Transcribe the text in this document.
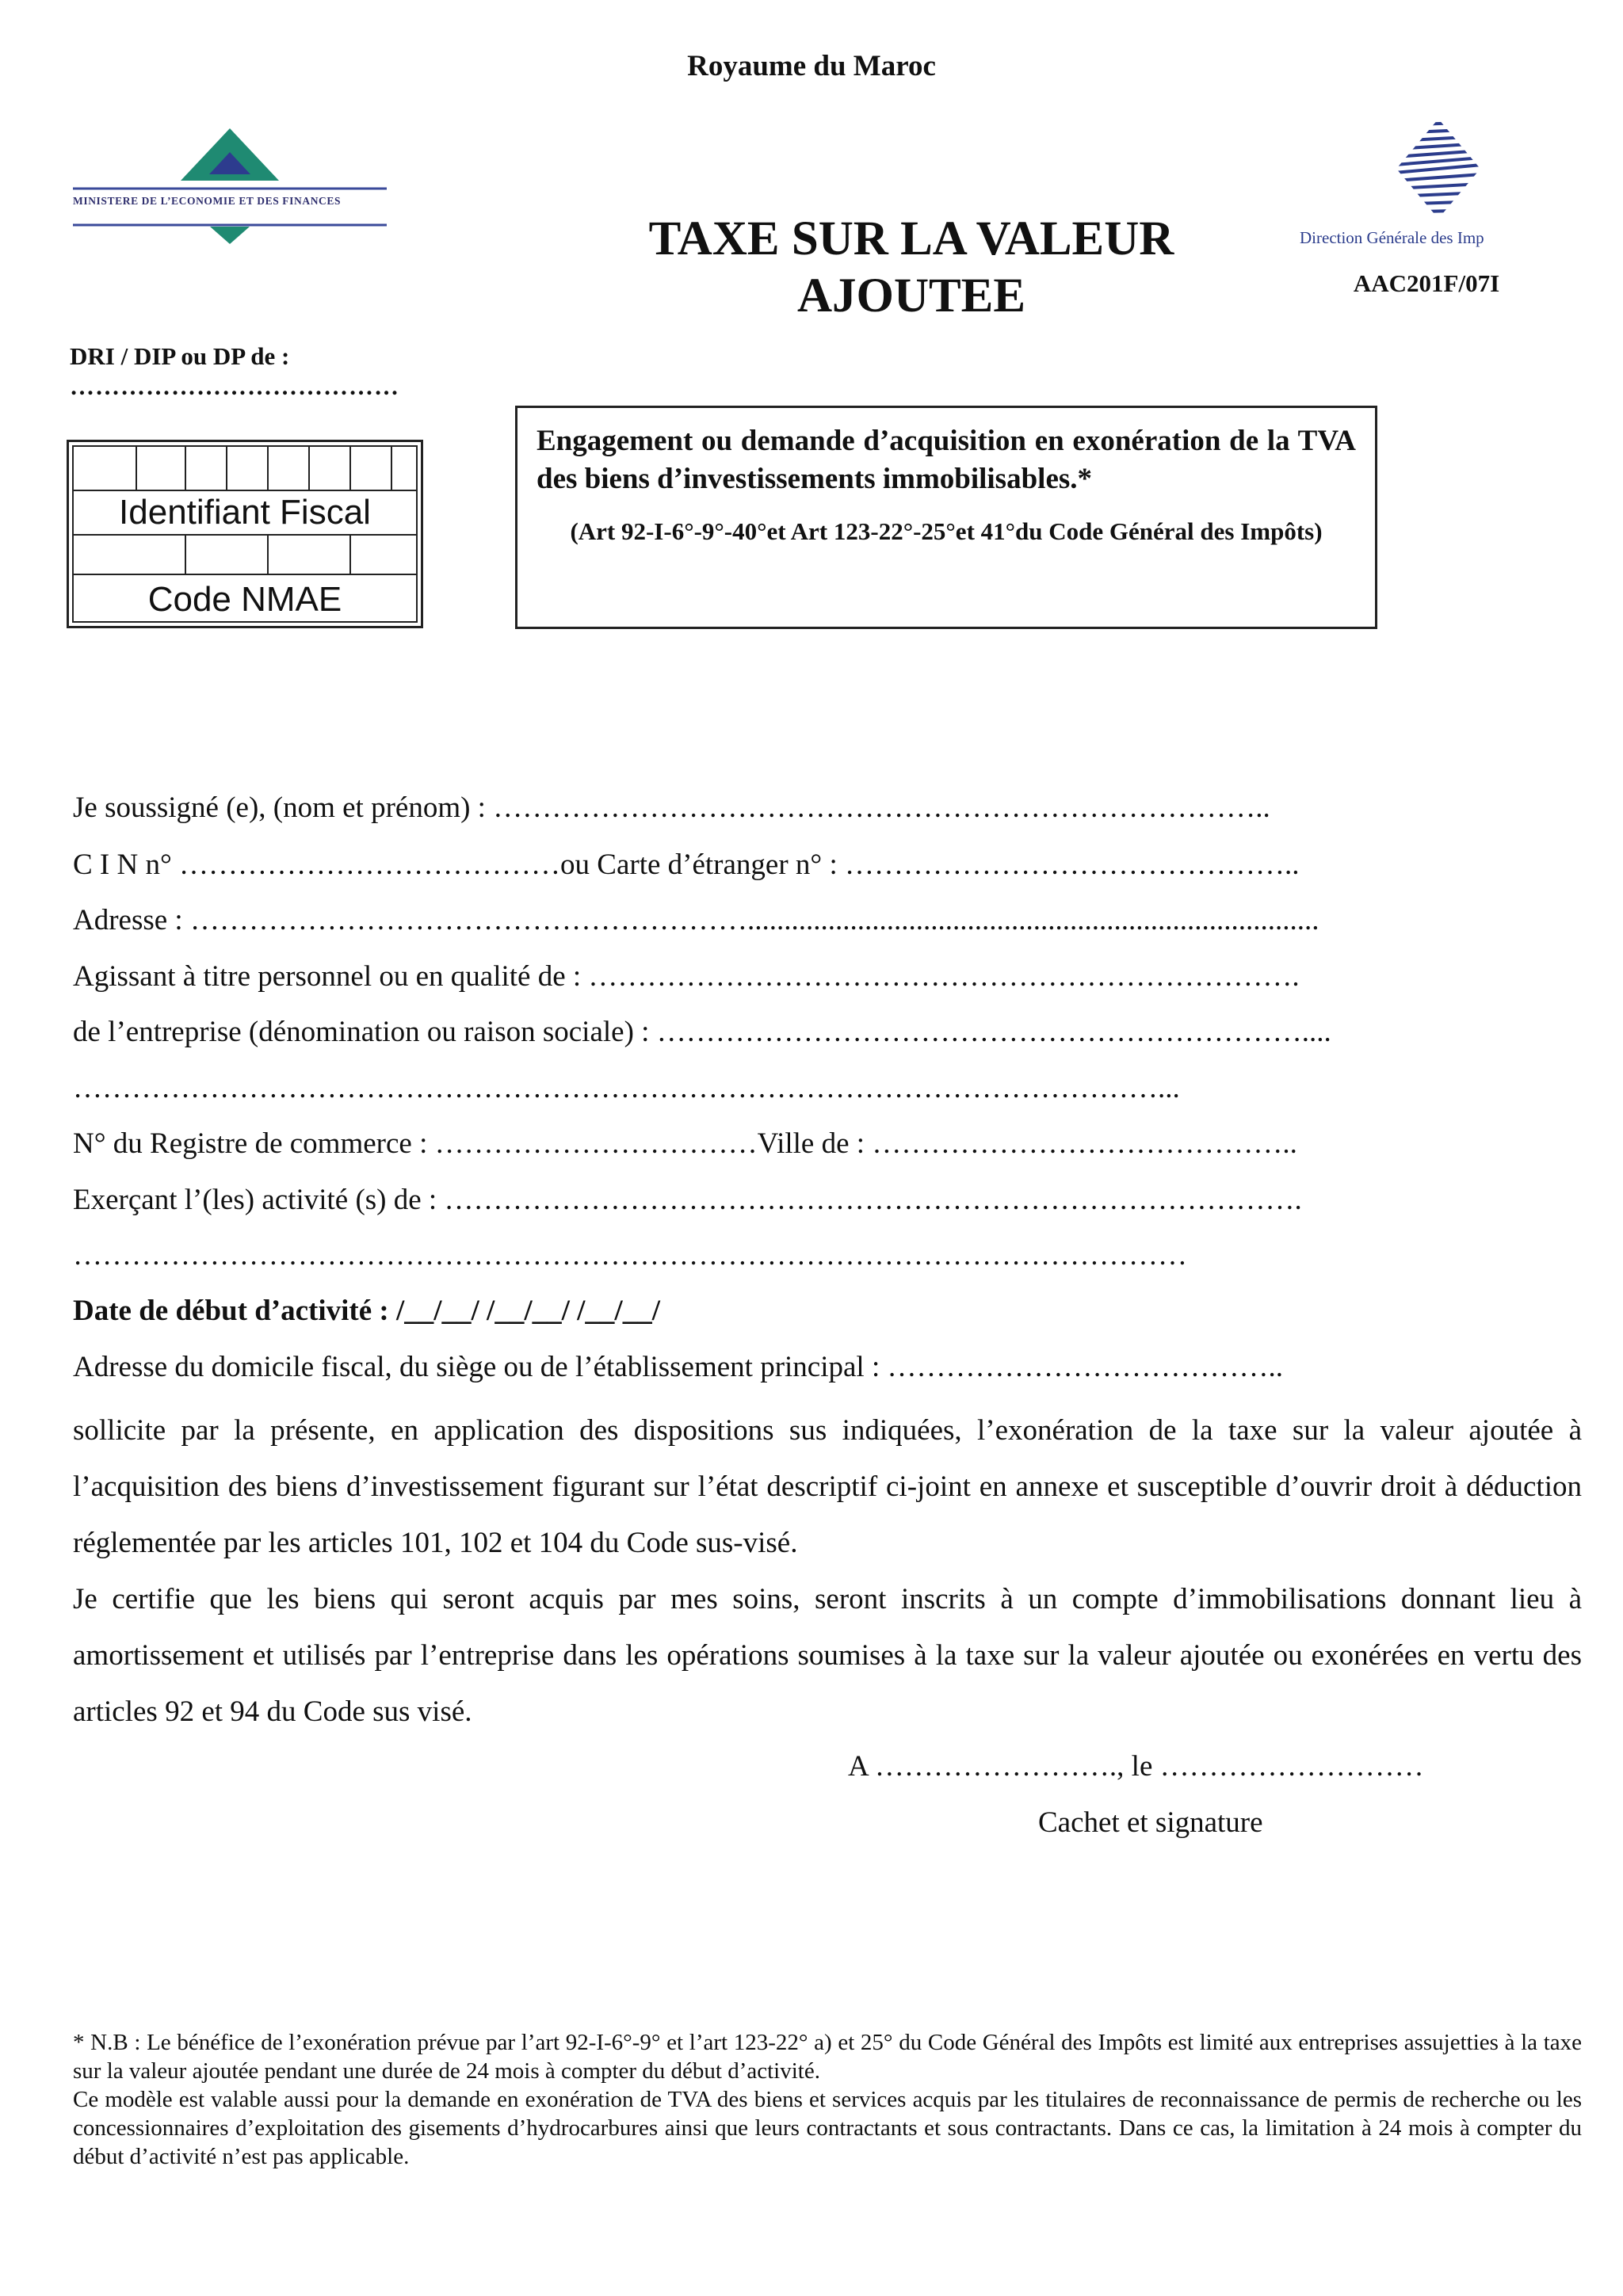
Royaume du Maroc
MINISTERE DE L’ECONOMIE ET DES FINANCES
Direction Générale des Imp
AAC201F/07I
TAXE SUR LA VALEUR
AJOUTEE
DRI / DIP ou DP de :
…………………………………
Identifiant Fiscal
Code NMAE
Engagement ou demande d’acquisition en exonération de la TVA des biens d’investissements immobilisables.*
(Art 92-I-6°-9°-40°et Art 123-22°-25°et 41°du Code Général des Impôts)
Je soussigné (e), (nom et prénom) : ……………………………………………………………………..
C I N n° …………………………………ou Carte d’étranger n° : ………………………………………..
Adresse : …………………………………………………..............................................................................
Agissant à titre personnel ou en qualité de : ……………………………………………………………….
de l’entreprise (dénomination ou raison sociale) : …………………………………………………………....
…………………………………………………………………………………………………...
N° du Registre de commerce : ……………………………Ville de : ……………………………………..
Exerçant l’(les) activité (s) de : …………………………………………………………………………….
……………………………………………………………………………………………………
Date de début d’activité : /__/__/ /__/__/ /__/__/
Adresse du domicile fiscal, du siège ou de l’établissement principal : …………………………………..

sollicite par la présente, en application des dispositions sus indiquées, l’exonération de la taxe sur la valeur ajoutée à l’acquisition des biens d’investissement figurant sur l’état descriptif ci-joint en annexe et susceptible d’ouvrir droit à déduction réglementée par les articles 101, 102 et 104 du Code sus-visé.

Je certifie que les biens qui seront acquis par mes soins, seront inscrits à un compte d’immobilisations donnant lieu à amortissement et utilisés par l’entreprise dans les opérations soumises à la taxe sur la valeur ajoutée ou exonérées en vertu des articles 92 et 94 du Code sus visé.

A ……………………., le ………………………
Cachet et signature

* N.B : Le bénéfice de l’exonération prévue par l’art 92-I-6°-9° et l’art 123-22° a) et 25° du Code Général des Impôts est limité aux entreprises assujetties à la taxe sur la valeur ajoutée pendant une durée de 24 mois à compter du début d’activité.

Ce modèle est valable aussi pour la demande en exonération de TVA des biens et services acquis par les titulaires de reconnaissance de permis de recherche ou les concessionnaires d’exploitation des gisements d’hydrocarbures ainsi que leurs contractants et sous contractants. Dans ce cas, la limitation à 24 mois à compter du début d’activité n’est pas applicable.
